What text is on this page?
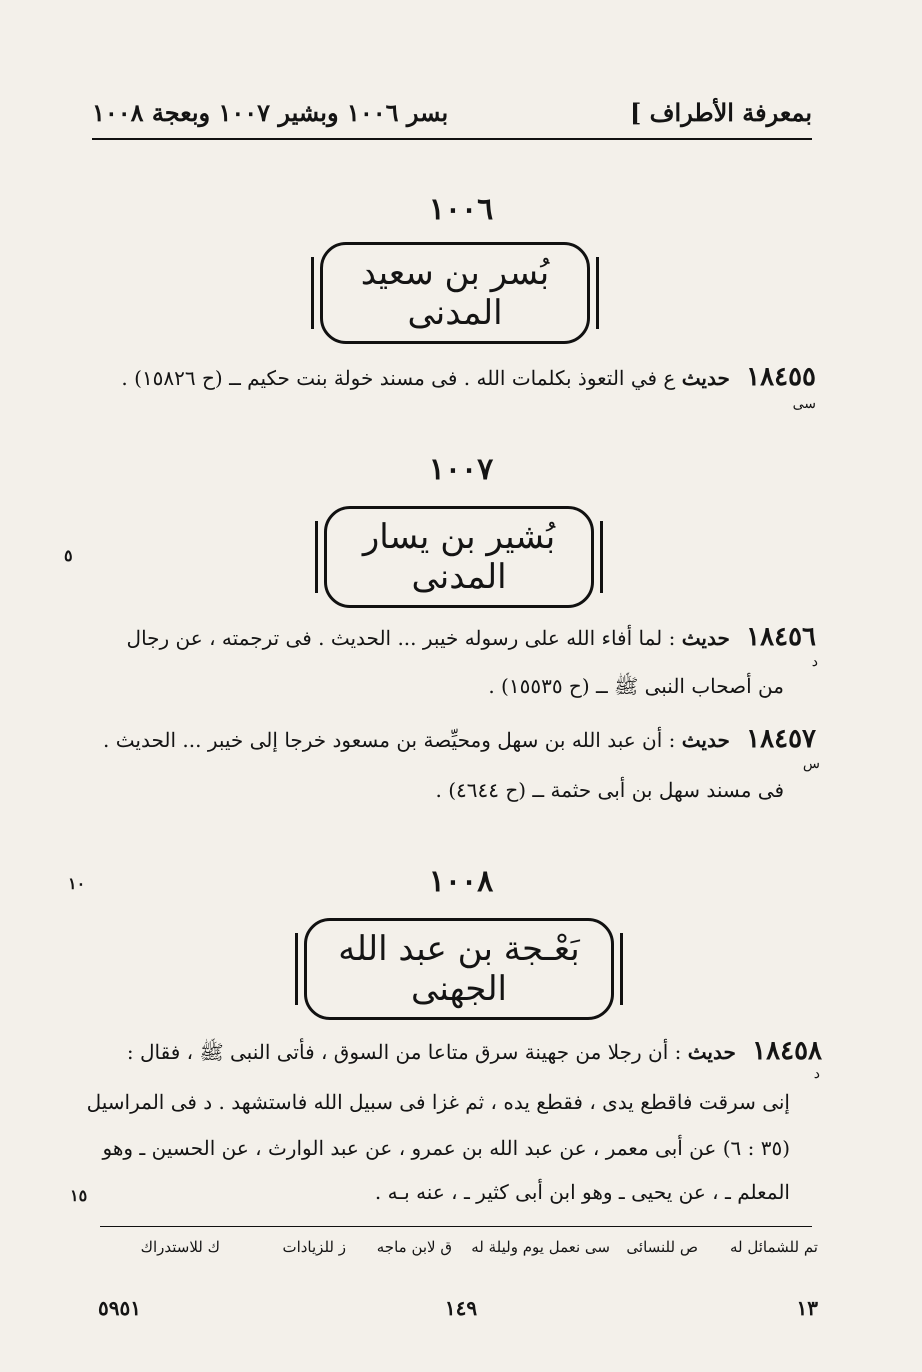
بمعرفة الأطراف ]
بسر ١٠٠٦ وبشير ١٠٠٧ وبعجة ١٠٠٨
١٠٠٦
بُسر بن سعيد المدنى
١٨٤٥٥ حديث ع في التعوذ بكلمات الله . فى مسند خولة بنت حكيم ــ (ح ١٥٨٢٦) .
سى
١٠٠٧
بُشير بن يسار المدنى
١٨٤٥٦ حديث : لما أفاء الله على رسوله خيبر ... الحديث . فى ترجمته ، عن رجال
د
من أصحاب النبى ﷺ ــ (ح ١٥٥٣٥) .
١٨٤٥٧ حديث : أن عبد الله بن سهل ومحيِّصة بن مسعود خرجا إلى خيبر ... الحديث .
س
فى مسند سهل بن أبى حثمة ــ (ح ٤٦٤٤) .
١٠٠٨
بَعْـجة بن عبد الله الجهنى
١٨٤٥٨ حديث : أن رجلا من جهينة سرق متاعا من السوق ، فأتى النبى ﷺ ، فقال :
د
إنى سرقت فاقطع يدى ، فقطع يده ، ثم غزا فى سبيل الله فاستشهد . د فى المراسيل
(٣٥ : ٦) عن أبى معمر ، عن عبد الله بن عمرو ، عن عبد الوارث ، عن الحسين ـ وهو
المعلم ـ ، عن يحيى ـ وهو ابن أبى كثير ـ ، عنه بـه .
٥
١٠
١٥
تم للشمائل له
ص للنسائى
سى نعمل يوم وليلة له
ق لابن ماجه
ز للزيادات
ك للاستدراك
١٣
١٤٩
٥٩٥١
